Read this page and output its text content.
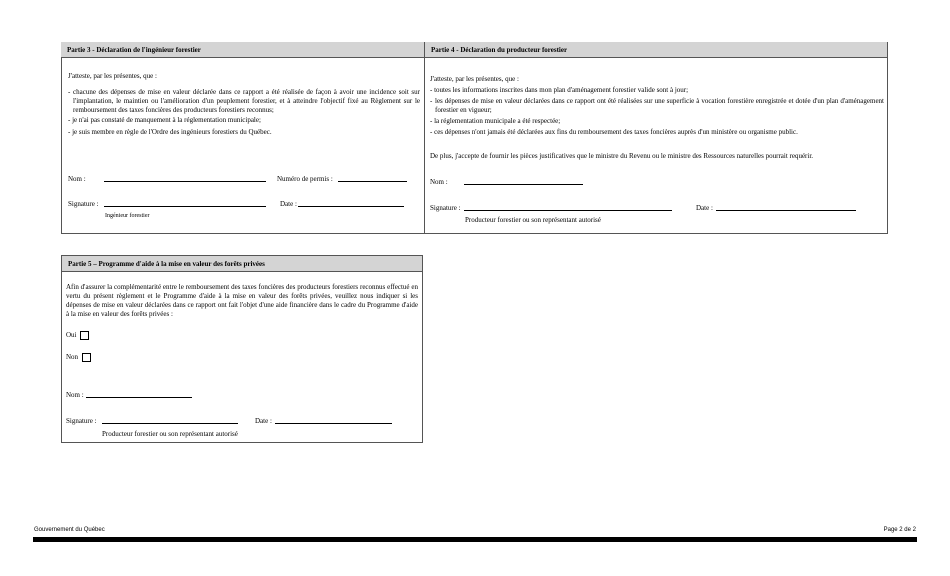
Partie 3 - Déclaration de l'ingénieur forestier	Partie 4 - Déclaration du producteur forestier
J'atteste, par les présentes, que :
- chacune des dépenses de mise en valeur déclarée dans ce rapport a été réalisée de façon à avoir une incidence soit sur l'implantation, le maintien ou l'amélioration d'un peuplement forestier, et à atteindre l'objectif fixé au Règlement sur le remboursement des taxes foncières des producteurs forestiers reconnus;
- je n'ai pas constaté de manquement à la réglementation municipale;
- je suis membre en règle de l'Ordre des ingénieurs forestiers du Québec.
Nom :	Numéro de permis :
Signature :	Date :
Ingénieur forestier
J'atteste, par les présentes, que :
- toutes les informations inscrites dans mon plan d'aménagement forestier valide sont à jour;
- les dépenses de mise en valeur déclarées dans ce rapport ont été réalisées sur une superficie à vocation forestière enregistrée et dotée d'un plan d'aménagement forestier en vigueur;
- la réglementation municipale a été respectée;
- ces dépenses n'ont jamais été déclarées aux fins du remboursement des taxes foncières auprès d'un ministère ou organisme public.
De plus, j'accepte de fournir les pièces justificatives que le ministre du Revenu ou le ministre des Ressources naturelles pourrait requérir.
Nom :
Signature :	Date :
Producteur forestier ou son représentant autorisé
Partie 5 – Programme d'aide à la mise en valeur des forêts privées
Afin d'assurer la complémentarité entre le remboursement des taxes foncières des producteurs forestiers reconnus effectué en vertu du présent règlement et le Programme d'aide à la mise en valeur des forêts privées, veuillez nous indiquer si les dépenses de mise en valeur déclarées dans ce rapport ont fait l'objet d'une aide financière dans le cadre du Programme d'aide à la mise en valeur des forêts privées :
Oui
Non
Nom :
Signature :	Date :
Producteur forestier ou son représentant autorisé
Gouvernement du Québec	Page 2 de 2
